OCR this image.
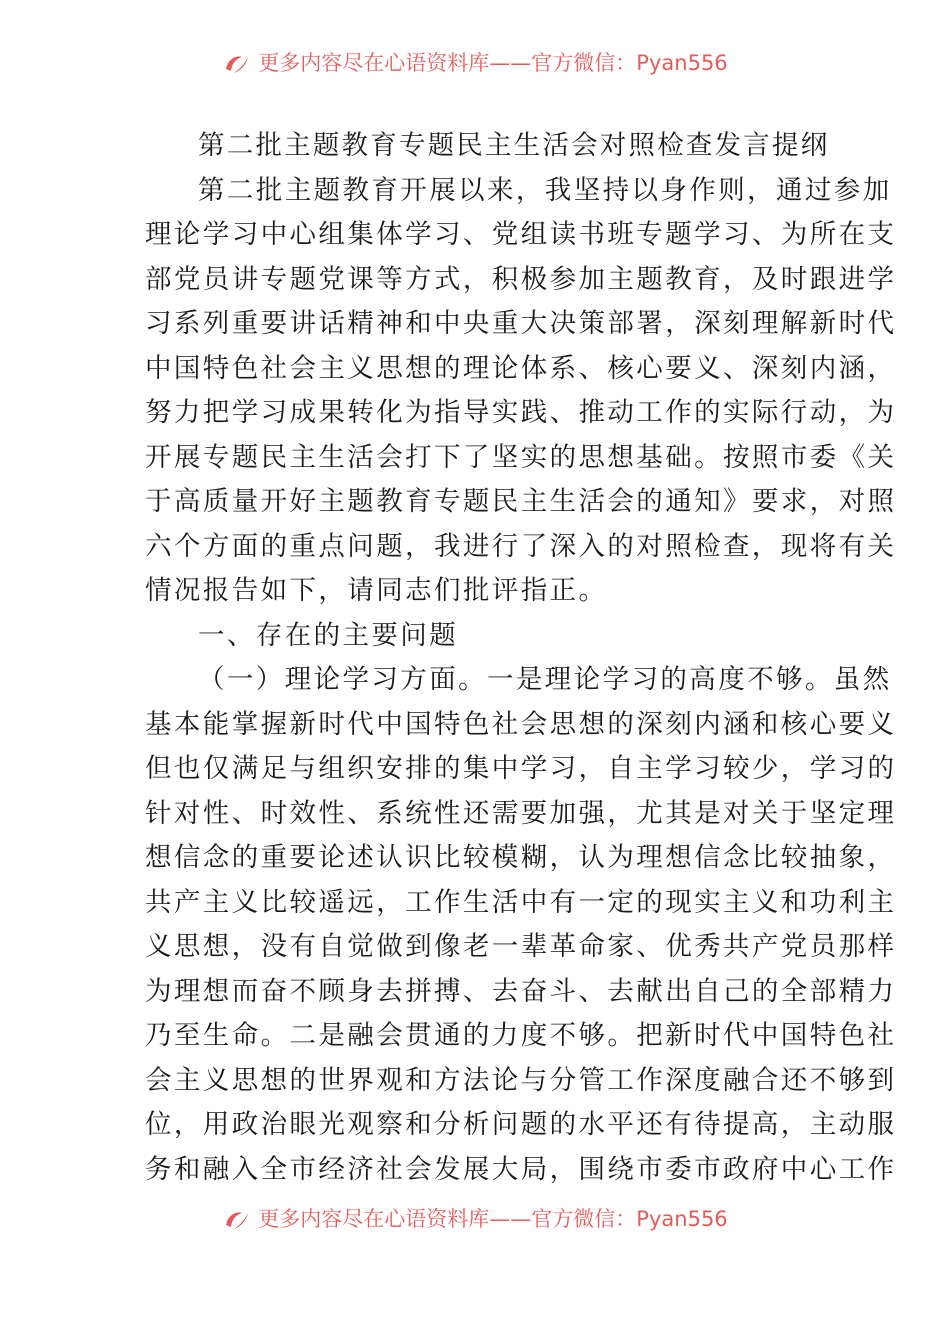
更多内容尽在心语资料库——官方微信：Pyan556
第二批主题教育专题民主生活会对照检查发言提纲
第二批主题教育开展以来，我坚持以身作则，通过参加
理论学习中心组集体学习、党组读书班专题学习、为所在支
部党员讲专题党课等方式，积极参加主题教育，及时跟进学
习系列重要讲话精神和中央重大决策部署，深刻理解新时代
中国特色社会主义思想的理论体系、核心要义、深刻内涵，
努力把学习成果转化为指导实践、推动工作的实际行动，为
开展专题民主生活会打下了坚实的思想基础。按照市委《关
于高质量开好主题教育专题民主生活会的通知》要求，对照
六个方面的重点问题，我进行了深入的对照检查，现将有关
情况报告如下，请同志们批评指正。
一、存在的主要问题
（一）理论学习方面。一是理论学习的高度不够。虽然
基本能掌握新时代中国特色社会思想的深刻内涵和核心要义
但也仅满足与组织安排的集中学习，自主学习较少，学习的
针对性、时效性、系统性还需要加强，尤其是对关于坚定理
想信念的重要论述认识比较模糊，认为理想信念比较抽象，
共产主义比较遥远，工作生活中有一定的现实主义和功利主
义思想，没有自觉做到像老一辈革命家、优秀共产党员那样
为理想而奋不顾身去拼搏、去奋斗、去献出自己的全部精力
乃至生命。二是融会贯通的力度不够。把新时代中国特色社
会主义思想的世界观和方法论与分管工作深度融合还不够到
位，用政治眼光观察和分析问题的水平还有待提高，主动服
务和融入全市经济社会发展大局，围绕市委市政府中心工作
更多内容尽在心语资料库——官方微信：Pyan556
